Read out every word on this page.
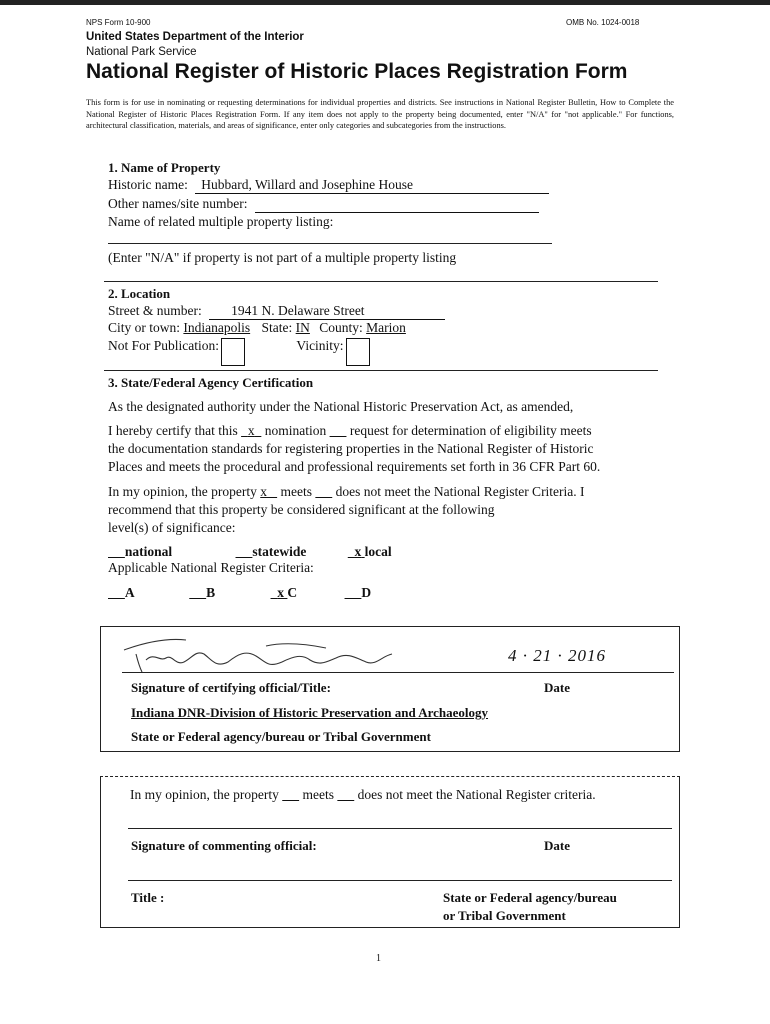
NPS Form 10-900	OMB No. 1024-0018
United States Department of the Interior
National Park Service
National Register of Historic Places Registration Form
This form is for use in nominating or requesting determinations for individual properties and districts. See instructions in National Register Bulletin, How to Complete the National Register of Historic Places Registration Form. If any item does not apply to the property being documented, enter "N/A" for "not applicable." For functions, architectural classification, materials, and areas of significance, enter only categories and subcategories from the instructions.
1. Name of Property
Historic name: Hubbard, Willard and Josephine House
Other names/site number:
Name of related multiple property listing:
(Enter "N/A" if property is not part of a multiple property listing
2. Location
Street & number: 1941 N. Delaware Street
City or town: Indianapolis State: IN County: Marion
Not For Publication:	Vicinity:
3. State/Federal Agency Certification
As the designated authority under the National Historic Preservation Act, as amended,
I hereby certify that this x nomination request for determination of eligibility meets
the documentation standards for registering properties in the National Register of Historic
Places and meets the procedural and professional requirements set forth in 36 CFR Part 60.
In my opinion, the property x meets does not meet the National Register Criteria. I
recommend that this property be considered significant at the following
level(s) of significance:
national	statewide	x local
Applicable National Register Criteria:
A	B	x C	D
4 · 21 · 2016
Signature of certifying official/Title:	Date
Indiana DNR-Division of Historic Preservation and Archaeology
State or Federal agency/bureau or Tribal Government
In my opinion, the property meets does not meet the National Register criteria.
Signature of commenting official:	Date
Title :	State or Federal agency/bureau
or Tribal Government
1
